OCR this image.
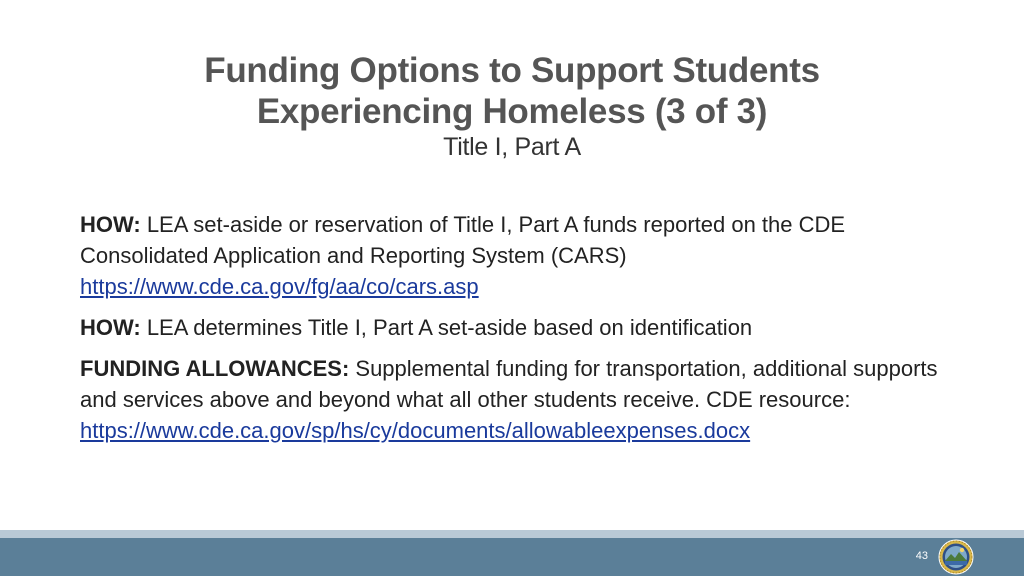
Funding Options to Support Students
Experiencing Homeless (3 of 3)

Title I, Part A

HOW: LEA set-aside or reservation of Title I, Part A funds reported on the CDE Consolidated Application and Reporting System (CARS)
https://www.cde.ca.gov/fg/aa/co/cars.asp

HOW: LEA determines Title I, Part A set-aside based on identification

FUNDING ALLOWANCES: Supplemental funding for transportation, additional supports and services above and beyond what all other students receive. CDE resource:
https://www.cde.ca.gov/sp/hs/cy/documents/allowableexpenses.docx

43
